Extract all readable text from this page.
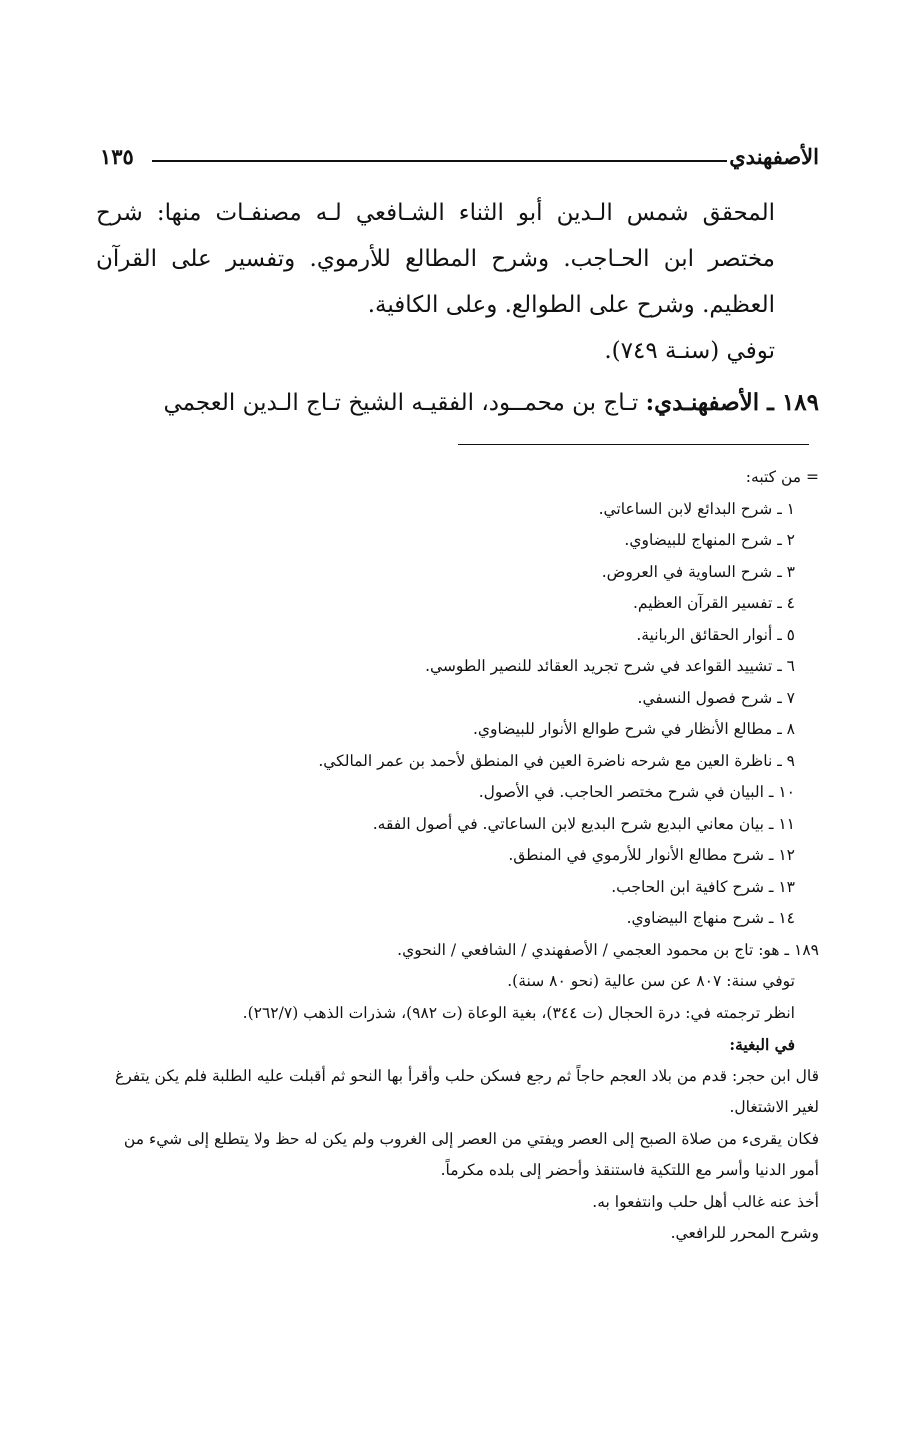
الأصفهندي
١٣٥

المحقق شمس الـدين أبو الثناء الشـافعي لـه مصنفـات منها: شرح مختصر ابن الحـاجب. وشرح المطالع للأرموي. وتفسير على القرآن العظيم. وشرح على الطوالع. وعلى الكافية.

توفي (سنـة ٧٤٩).

١٨٩ ـ الأصفهنـدي: تـاج بن محمــود، الفقيـه الشيخ تـاج الـدين العجمي

= من كتبه:

١ ـ شرح البدائع لابن الساعاتي.

٢ ـ شرح المنهاج للبيضاوي.

٣ ـ شرح الساوية في العروض.

٤ ـ تفسير القرآن العظيم.

٥ ـ أنوار الحقائق الربانية.

٦ ـ تشييد القواعد في شرح تجريد العقائد للنصير الطوسي.

٧ ـ شرح فصول النسفي.

٨ ـ مطالع الأنظار في شرح طوالع الأنوار للبيضاوي.

٩ ـ ناظرة العين مع شرحه ناضرة العين في المنطق لأحمد بن عمر المالكي.

١٠ ـ البيان في شرح مختصر الحاجب. في الأصول.

١١ ـ بيان معاني البديع شرح البديع لابن الساعاتي. في أصول الفقه.

١٢ ـ شرح مطالع الأنوار للأرموي في المنطق.

١٣ ـ شرح كافية ابن الحاجب.

١٤ ـ شرح منهاج البيضاوي.

١٨٩ ـ هو: تاج بن محمود العجمي / الأصفهندي / الشافعي / النحوي.

توفي سنة: ٨٠٧ عن سن عالية (نحو ٨٠ سنة).

انظر ترجمته في: درة الحجال (ت ٣٤٤)، بغية الوعاة (ت ٩٨٢)، شذرات الذهب (٢٦٢/٧).

في البغية:

قال ابن حجر: قدم من بلاد العجم حاجاً ثم رجع فسكن حلب وأقرأ بها النحو ثم أقبلت عليه الطلبة فلم يكن يتفرغ لغير الاشتغال.

فكان يقرىء من صلاة الصبح إلى العصر ويفتي من العصر إلى الغروب ولم يكن له حظ ولا يتطلع إلى شيء من أمور الدنيا وأسر مع اللتكية فاستنقذ وأحضر إلى بلده مكرماً.

أخذ عنه غالب أهل حلب وانتفعوا به.

وشرح المحرر للرافعي.
